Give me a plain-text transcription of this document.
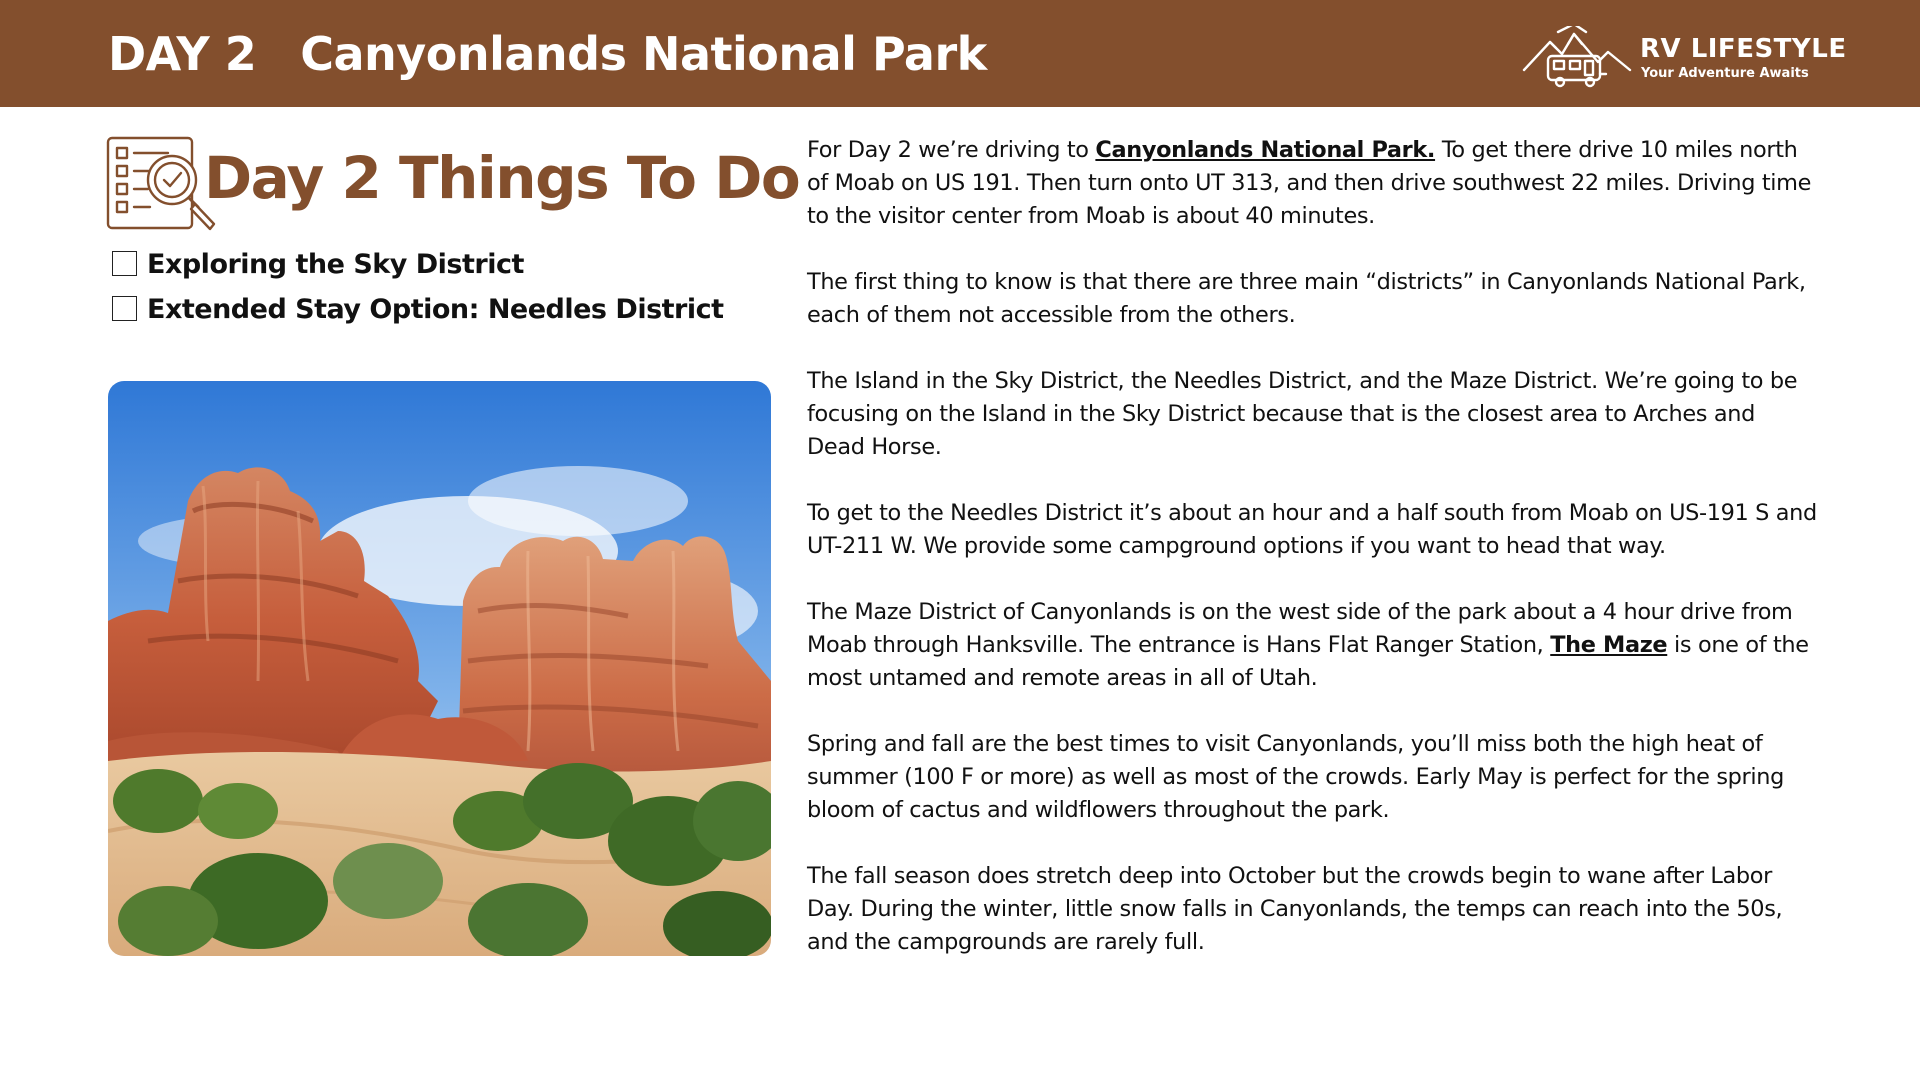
DAY 2 Canyonlands National Park	RV LIFESTYLE
Your Adventure Awaits
Day 2 Things To Do
Exploring the Sky District
Extended Stay Option: Needles District

For Day 2 we’re driving to Canyonlands National Park. To get there drive 10 miles north of Moab on US 191. Then turn onto UT 313, and then drive southwest 22 miles. Driving time to the visitor center from Moab is about 40 minutes.

The first thing to know is that there are three main “districts” in Canyonlands National Park, each of them not accessible from the others.

The Island in the Sky District, the Needles District, and the Maze District. We’re going to be focusing on the Island in the Sky District because that is the closest area to Arches and Dead Horse.

To get to the Needles District it’s about an hour and a half south from Moab on US-191 S and UT-211 W. We provide some campground options if you want to head that way.

The Maze District of Canyonlands is on the west side of the park about a 4 hour drive from Moab through Hanksville. The entrance is Hans Flat Ranger Station, The Maze is one of the most untamed and remote areas in all of Utah.

Spring and fall are the best times to visit Canyonlands, you’ll miss both the high heat of summer (100 F or more) as well as most of the crowds. Early May is perfect for the spring bloom of cactus and wildflowers throughout the park.

The fall season does stretch deep into October but the crowds begin to wane after Labor Day. During the winter, little snow falls in Canyonlands, the temps can reach into the 50s, and the campgrounds are rarely full.
